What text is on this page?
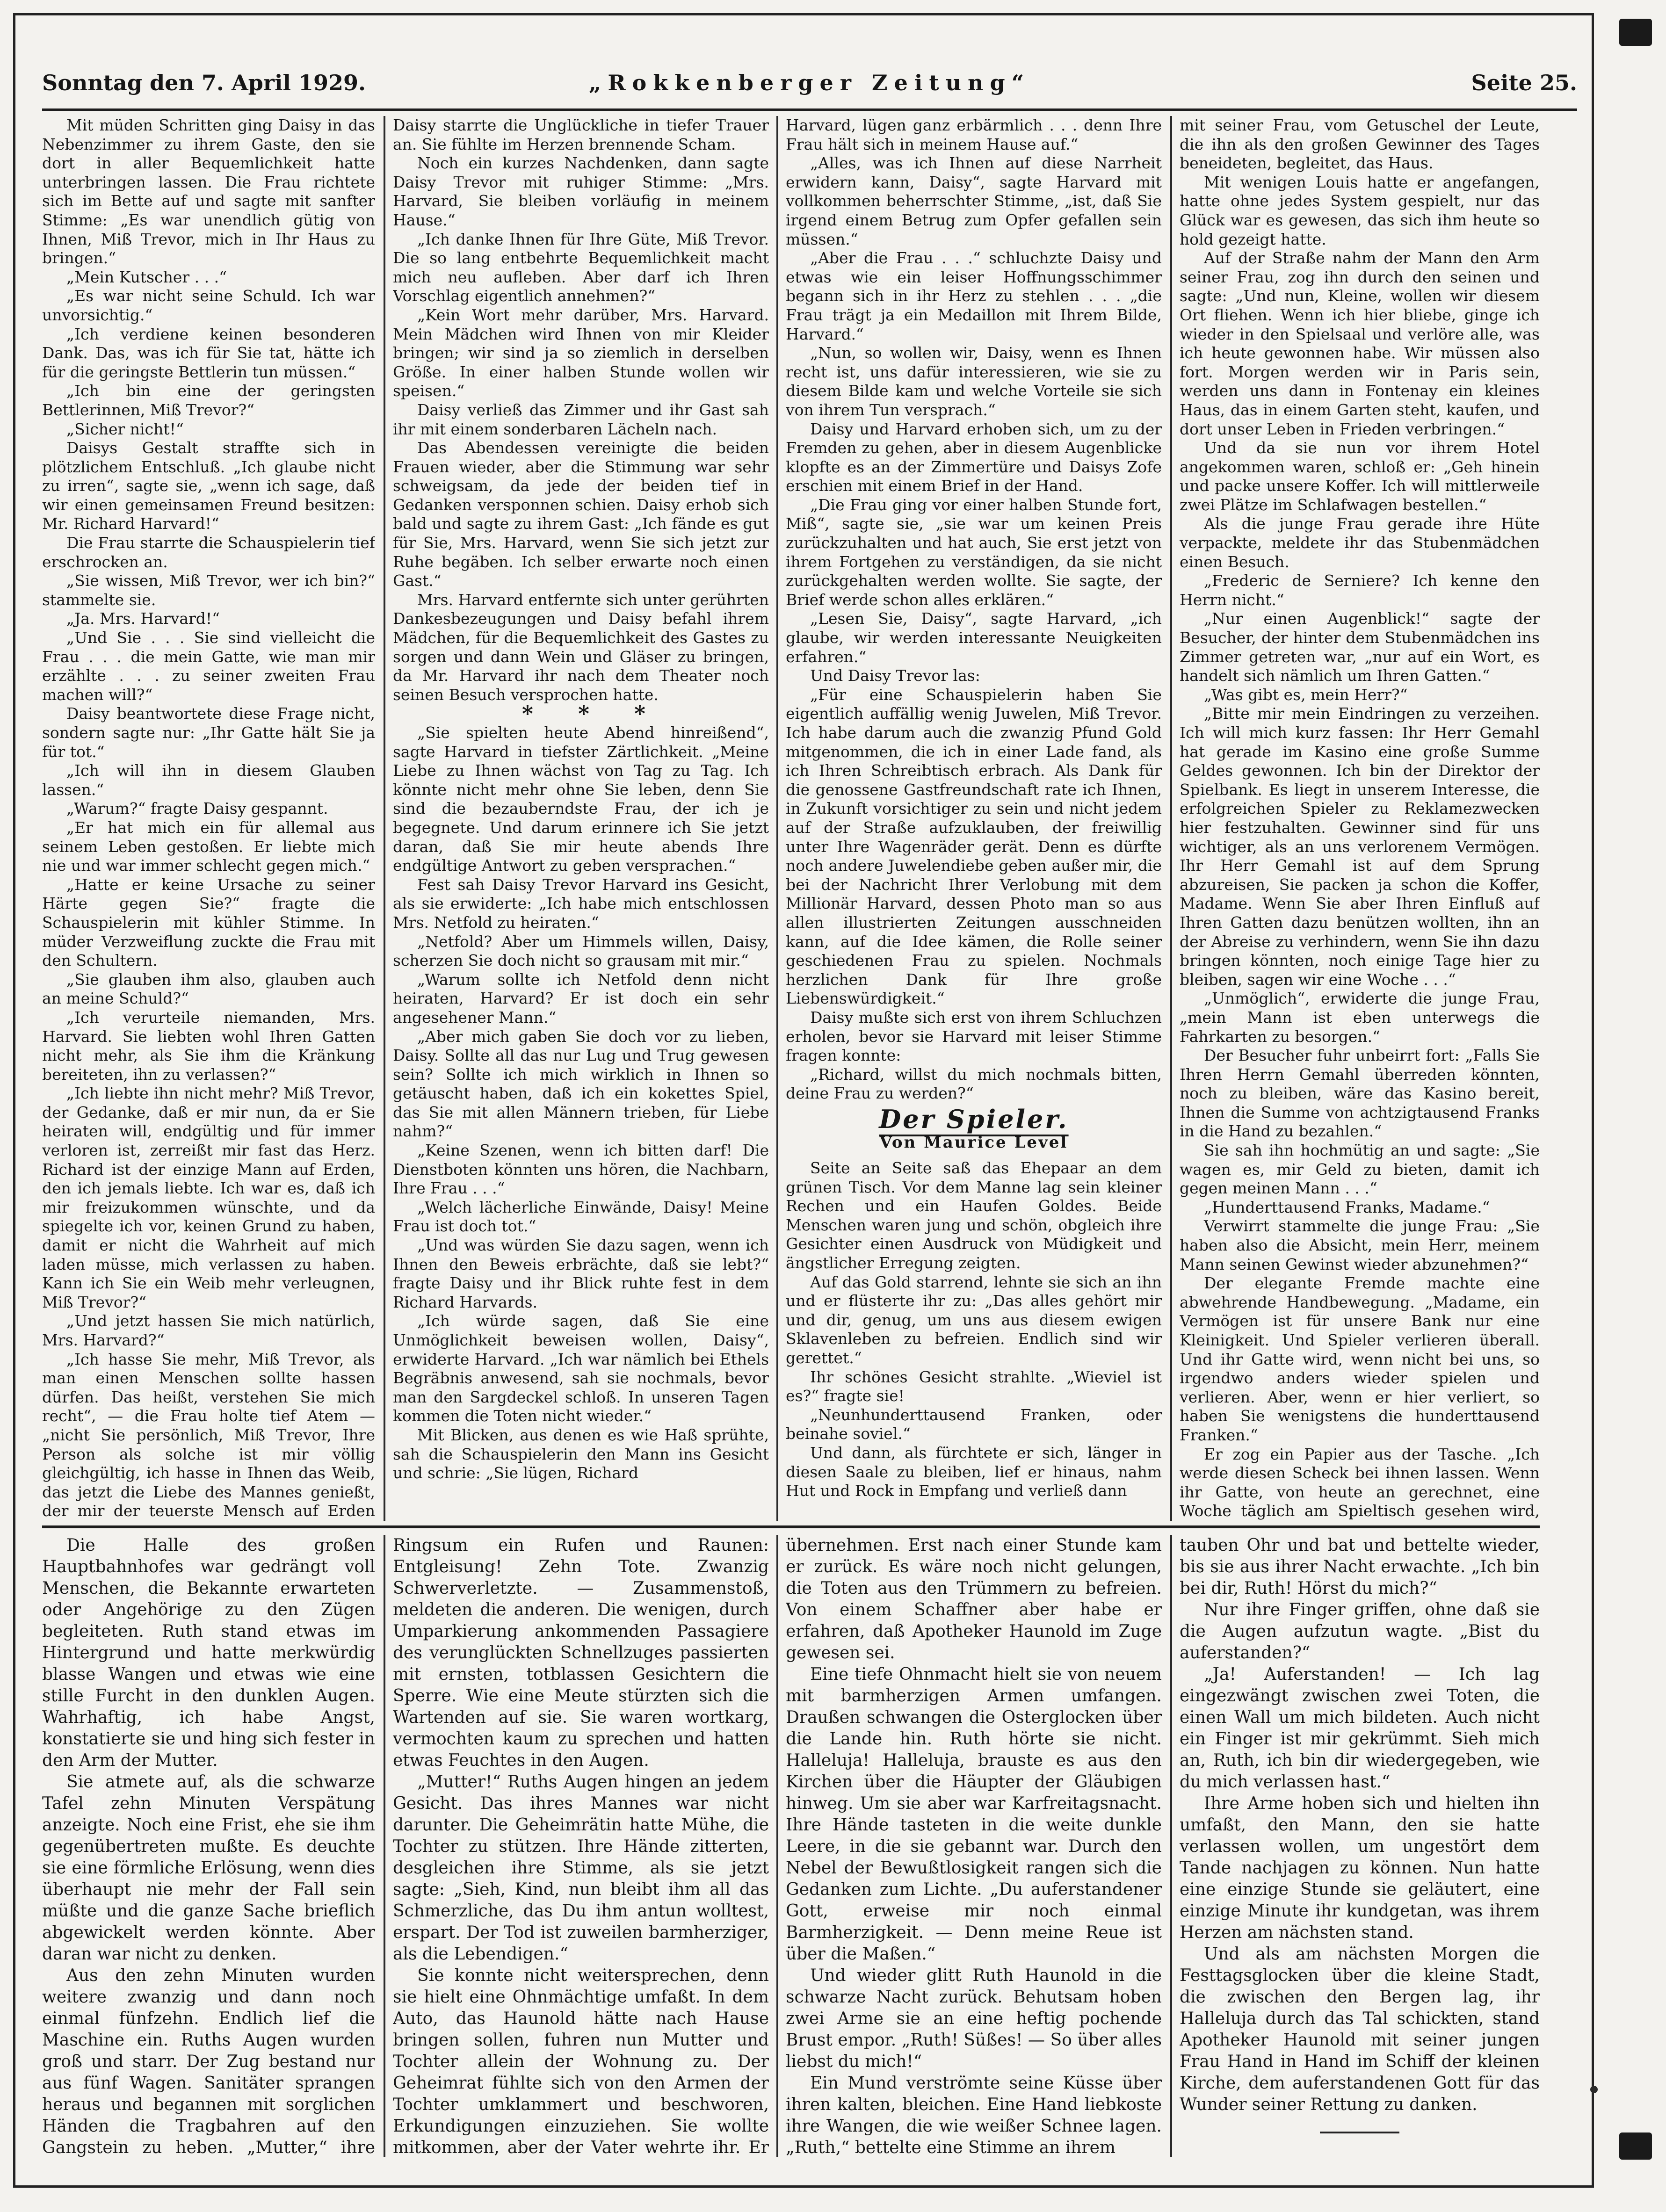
Sonntag den 7. April 1929.	„Rokkenberger Zeitung“	Seite 25.

Mit müden Schritten ging Daisy in das Nebenzimmer zu ihrem Gaste, den sie dort in aller Bequemlichkeit hatte unterbringen lassen. Die Frau richtete sich im Bette auf und sagte mit sanfter Stimme: „Es war unendlich gütig von Ihnen, Miß Trevor, mich in Ihr Haus zu bringen.“

„Mein Kutscher . . .“

„Es war nicht seine Schuld. Ich war unvorsichtig.“

„Ich verdiene keinen besonderen Dank. Das, was ich für Sie tat, hätte ich für die geringste Bettlerin tun müssen.“

„Ich bin eine der geringsten Bettlerinnen, Miß Trevor?“

„Sicher nicht!“

Daisys Gestalt straffte sich in plötzlichem Entschluß. „Ich glaube nicht zu irren“, sagte sie, „wenn ich sage, daß wir einen gemeinsamen Freund besitzen: Mr. Richard Harvard!“

Die Frau starrte die Schauspielerin tief erschrocken an.

„Sie wissen, Miß Trevor, wer ich bin?“ stammelte sie.

„Ja. Mrs. Harvard!“

„Und Sie . . . Sie sind vielleicht die Frau . . . die mein Gatte, wie man mir erzählte . . . zu seiner zweiten Frau machen will?“

Daisy beantwortete diese Frage nicht, sondern sagte nur: „Ihr Gatte hält Sie ja für tot.“

„Ich will ihn in diesem Glauben lassen.“

„Warum?“ fragte Daisy gespannt.

„Er hat mich ein für allemal aus seinem Leben gestoßen. Er liebte mich nie und war immer schlecht gegen mich.“

„Hatte er keine Ursache zu seiner Härte gegen Sie?“ fragte die Schauspielerin mit kühler Stimme. In müder Verzweiflung zuckte die Frau mit den Schultern.

„Sie glauben ihm also, glauben auch an meine Schuld?“

„Ich verurteile niemanden, Mrs. Harvard. Sie liebten wohl Ihren Gatten nicht mehr, als Sie ihm die Kränkung bereiteten, ihn zu verlassen?“

„Ich liebte ihn nicht mehr? Miß Trevor, der Gedanke, daß er mir nun, da er Sie heiraten will, endgültig und für immer verloren ist, zerreißt mir fast das Herz. Richard ist der einzige Mann auf Erden, den ich jemals liebte. Ich war es, daß ich mir freizukommen wünschte, und da spiegelte ich vor, keinen Grund zu haben, damit er nicht die Wahrheit auf mich laden müsse, mich verlassen zu haben. Kann ich Sie ein Weib mehr verleugnen, Miß Trevor?“

„Und jetzt hassen Sie mich natürlich, Mrs. Harvard?“

„Ich hasse Sie mehr, Miß Trevor, als man einen Menschen sollte hassen dürfen. Das heißt, verstehen Sie mich recht“, — die Frau holte tief Atem — „nicht Sie persönlich, Miß Trevor, Ihre Person als solche ist mir völlig gleichgültig, ich hasse in Ihnen das Weib, das jetzt die Liebe des Mannes genießt, der mir der teuerste Mensch auf Erden

Daisy starrte die Unglückliche in tiefer Trauer an. Sie fühlte im Herzen brennende Scham.

Noch ein kurzes Nachdenken, dann sagte Daisy Trevor mit ruhiger Stimme: „Mrs. Harvard, Sie bleiben vorläufig in meinem Hause.“

„Ich danke Ihnen für Ihre Güte, Miß Trevor. Die so lang entbehrte Bequemlichkeit macht mich neu aufleben. Aber darf ich Ihren Vorschlag eigentlich annehmen?“

„Kein Wort mehr darüber, Mrs. Harvard. Mein Mädchen wird Ihnen von mir Kleider bringen; wir sind ja so ziemlich in derselben Größe. In einer halben Stunde wollen wir speisen.“

Daisy verließ das Zimmer und ihr Gast sah ihr mit einem sonderbaren Lächeln nach.

Das Abendessen vereinigte die beiden Frauen wieder, aber die Stimmung war sehr schweigsam, da jede der beiden tief in Gedanken versponnen schien. Daisy erhob sich bald und sagte zu ihrem Gast: „Ich fände es gut für Sie, Mrs. Harvard, wenn Sie sich jetzt zur Ruhe begäben. Ich selber erwarte noch einen Gast.“

Mrs. Harvard entfernte sich unter gerührten Dankesbezeugungen und Daisy befahl ihrem Mädchen, für die Bequemlichkeit des Gastes zu sorgen und dann Wein und Gläser zu bringen, da Mr. Harvard ihr nach dem Theater noch seinen Besuch versprochen hatte.

* * *

„Sie spielten heute Abend hinreißend“, sagte Harvard in tiefster Zärtlichkeit. „Meine Liebe zu Ihnen wächst von Tag zu Tag. Ich könnte nicht mehr ohne Sie leben, denn Sie sind die bezauberndste Frau, der ich je begegnete. Und darum erinnere ich Sie jetzt daran, daß Sie mir heute abends Ihre endgültige Antwort zu geben versprachen.“

Fest sah Daisy Trevor Harvard ins Gesicht, als sie erwiderte: „Ich habe mich entschlossen Mrs. Netfold zu heiraten.“

„Netfold? Aber um Himmels willen, Daisy, scherzen Sie doch nicht so grausam mit mir.“

„Warum sollte ich Netfold denn nicht heiraten, Harvard? Er ist doch ein sehr angesehener Mann.“

„Aber mich gaben Sie doch vor zu lieben, Daisy. Sollte all das nur Lug und Trug gewesen sein? Sollte ich mich wirklich in Ihnen so getäuscht haben, daß ich ein kokettes Spiel, das Sie mit allen Männern trieben, für Liebe nahm?“

„Keine Szenen, wenn ich bitten darf! Die Dienstboten könnten uns hören, die Nachbarn, Ihre Frau . . .“

„Welch lächerliche Einwände, Daisy! Meine Frau ist doch tot.“

„Und was würden Sie dazu sagen, wenn ich Ihnen den Beweis erbrächte, daß sie lebt?“ fragte Daisy und ihr Blick ruhte fest in dem Richard Harvards.

„Ich würde sagen, daß Sie eine Unmöglichkeit beweisen wollen, Daisy“, erwiderte Harvard. „Ich war nämlich bei Ethels Begräbnis anwesend, sah sie nochmals, bevor man den Sargdeckel schloß. In unseren Tagen kommen die Toten nicht wieder.“

Mit Blicken, aus denen es wie Haß sprühte, sah die Schauspielerin den Mann ins Gesicht und schrie: „Sie lügen, Richard

Harvard, lügen ganz erbärmlich . . . denn Ihre Frau hält sich in meinem Hause auf.“

„Alles, was ich Ihnen auf diese Narrheit erwidern kann, Daisy“, sagte Harvard mit vollkommen beherrschter Stimme, „ist, daß Sie irgend einem Betrug zum Opfer gefallen sein müssen.“

„Aber die Frau . . .“ schluchzte Daisy und etwas wie ein leiser Hoffnungsschimmer begann sich in ihr Herz zu stehlen . . . „die Frau trägt ja ein Medaillon mit Ihrem Bilde, Harvard.“

„Nun, so wollen wir, Daisy, wenn es Ihnen recht ist, uns dafür interessieren, wie sie zu diesem Bilde kam und welche Vorteile sie sich von ihrem Tun versprach.“

Daisy und Harvard erhoben sich, um zu der Fremden zu gehen, aber in diesem Augenblicke klopfte es an der Zimmertüre und Daisys Zofe erschien mit einem Brief in der Hand.

„Die Frau ging vor einer halben Stunde fort, Miß“, sagte sie, „sie war um keinen Preis zurückzuhalten und hat auch, Sie erst jetzt von ihrem Fortgehen zu verständigen, da sie nicht zurückgehalten werden wollte. Sie sagte, der Brief werde schon alles erklären.“

„Lesen Sie, Daisy“, sagte Harvard, „ich glaube, wir werden interessante Neuigkeiten erfahren.“

Und Daisy Trevor las:

„Für eine Schauspielerin haben Sie eigentlich auffällig wenig Juwelen, Miß Trevor. Ich habe darum auch die zwanzig Pfund Gold mitgenommen, die ich in einer Lade fand, als ich Ihren Schreibtisch erbrach. Als Dank für die genossene Gastfreundschaft rate ich Ihnen, in Zukunft vorsichtiger zu sein und nicht jedem auf der Straße aufzuklauben, der freiwillig unter Ihre Wagenräder gerät. Denn es dürfte noch andere Juwelendiebe geben außer mir, die bei der Nachricht Ihrer Verlobung mit dem Millionär Harvard, dessen Photo man so aus allen illustrierten Zeitungen ausschneiden kann, auf die Idee kämen, die Rolle seiner geschiedenen Frau zu spielen. Nochmals herzlichen Dank für Ihre große Liebenswürdigkeit.“

Daisy mußte sich erst von ihrem Schluchzen erholen, bevor sie Harvard mit leiser Stimme fragen konnte:

„Richard, willst du mich nochmals bitten, deine Frau zu werden?“

Der Spieler.
Von Maurice Level

Seite an Seite saß das Ehepaar an dem grünen Tisch. Vor dem Manne lag sein kleiner Rechen und ein Haufen Goldes. Beide Menschen waren jung und schön, obgleich ihre Gesichter einen Ausdruck von Müdigkeit und ängstlicher Erregung zeigten.

Auf das Gold starrend, lehnte sie sich an ihn und er flüsterte ihr zu: „Das alles gehört mir und dir, genug, um uns aus diesem ewigen Sklavenleben zu befreien. Endlich sind wir gerettet.“

Ihr schönes Gesicht strahlte. „Wieviel ist es?“ fragte sie!

„Neunhunderttausend Franken, oder beinahe soviel.“

Und dann, als fürchtete er sich, länger in diesen Saale zu bleiben, lief er hinaus, nahm Hut und Rock in Empfang und verließ dann

mit seiner Frau, vom Getuschel der Leute, die ihn als den großen Gewinner des Tages beneideten, begleitet, das Haus.

Mit wenigen Louis hatte er angefangen, hatte ohne jedes System gespielt, nur das Glück war es gewesen, das sich ihm heute so hold gezeigt hatte.

Auf der Straße nahm der Mann den Arm seiner Frau, zog ihn durch den seinen und sagte: „Und nun, Kleine, wollen wir diesem Ort fliehen. Wenn ich hier bliebe, ginge ich wieder in den Spielsaal und verlöre alle, was ich heute gewonnen habe. Wir müssen also fort. Morgen werden wir in Paris sein, werden uns dann in Fontenay ein kleines Haus, das in einem Garten steht, kaufen, und dort unser Leben in Frieden verbringen.“

Und da sie nun vor ihrem Hotel angekommen waren, schloß er: „Geh hinein und packe unsere Koffer. Ich will mittlerweile zwei Plätze im Schlafwagen bestellen.“

Als die junge Frau gerade ihre Hüte verpackte, meldete ihr das Stubenmädchen einen Besuch.

„Frederic de Serniere? Ich kenne den Herrn nicht.“

„Nur einen Augenblick!“ sagte der Besucher, der hinter dem Stubenmädchen ins Zimmer getreten war, „nur auf ein Wort, es handelt sich nämlich um Ihren Gatten.“

„Was gibt es, mein Herr?“

„Bitte mir mein Eindringen zu verzeihen. Ich will mich kurz fassen: Ihr Herr Gemahl hat gerade im Kasino eine große Summe Geldes gewonnen. Ich bin der Direktor der Spielbank. Es liegt in unserem Interesse, die erfolgreichen Spieler zu Reklamezwecken hier festzuhalten. Gewinner sind für uns wichtiger, als an uns verlorenem Vermögen. Ihr Herr Gemahl ist auf dem Sprung abzureisen, Sie packen ja schon die Koffer, Madame. Wenn Sie aber Ihren Einfluß auf Ihren Gatten dazu benützen wollten, ihn an der Abreise zu verhindern, wenn Sie ihn dazu bringen könnten, noch einige Tage hier zu bleiben, sagen wir eine Woche . . .“

„Unmöglich“, erwiderte die junge Frau, „mein Mann ist eben unterwegs die Fahrkarten zu besorgen.“

Der Besucher fuhr unbeirrt fort: „Falls Sie Ihren Herrn Gemahl überreden könnten, noch zu bleiben, wäre das Kasino bereit, Ihnen die Summe von achtzigtausend Franks in die Hand zu bezahlen.“

Sie sah ihn hochmütig an und sagte: „Sie wagen es, mir Geld zu bieten, damit ich gegen meinen Mann . . .“

„Hunderttausend Franks, Madame.“

Verwirrt stammelte die junge Frau: „Sie haben also die Absicht, mein Herr, meinem Mann seinen Gewinst wieder abzunehmen?“

Der elegante Fremde machte eine abwehrende Handbewegung. „Madame, ein Vermögen ist für unsere Bank nur eine Kleinigkeit. Und Spieler verlieren überall. Und ihr Gatte wird, wenn nicht bei uns, so irgendwo anders wieder spielen und verlieren. Aber, wenn er hier verliert, so haben Sie wenigstens die hunderttausend Franken.“

Er zog ein Papier aus der Tasche. „Ich werde diesen Scheck bei ihnen lassen. Wenn ihr Gatte, von heute an gerechnet, eine Woche täglich am Spieltisch gesehen wird,

Die Halle des großen Hauptbahnhofes war gedrängt voll Menschen, die Bekannte erwarteten oder Angehörige zu den Zügen begleiteten. Ruth stand etwas im Hintergrund und hatte merkwürdig blasse Wangen und etwas wie eine stille Furcht in den dunklen Augen. Wahrhaftig, ich habe Angst, konstatierte sie und hing sich fester in den Arm der Mutter.

Sie atmete auf, als die schwarze Tafel zehn Minuten Verspätung anzeigte. Noch eine Frist, ehe sie ihm gegenübertreten mußte. Es deuchte sie eine förmliche Erlösung, wenn dies überhaupt nie mehr der Fall sein müßte und die ganze Sache brieflich abgewickelt werden könnte. Aber daran war nicht zu denken.

Aus den zehn Minuten wurden weitere zwanzig und dann noch einmal fünfzehn. Endlich lief die Maschine ein. Ruths Augen wurden groß und starr. Der Zug bestand nur aus fünf Wagen. Sanitäter sprangen heraus und begannen mit sorglichen Händen die Tragbahren auf den Gangstein zu heben. „Mutter,“ ihre

Ringsum ein Rufen und Raunen: Entgleisung! Zehn Tote. Zwanzig Schwerverletzte. — Zusammenstoß, meldeten die anderen. Die wenigen, durch Umparkierung ankommenden Passagiere des verunglückten Schnellzuges passierten mit ernsten, totblassen Gesichtern die Sperre. Wie eine Meute stürzten sich die Wartenden auf sie. Sie waren wortkarg, vermochten kaum zu sprechen und hatten etwas Feuchtes in den Augen.

„Mutter!“ Ruths Augen hingen an jedem Gesicht. Das ihres Mannes war nicht darunter. Die Geheimrätin hatte Mühe, die Tochter zu stützen. Ihre Hände zitterten, desgleichen ihre Stimme, als sie jetzt sagte: „Sieh, Kind, nun bleibt ihm all das Schmerzliche, das Du ihm antun wolltest, erspart. Der Tod ist zuweilen barmherziger, als die Lebendigen.“

Sie konnte nicht weitersprechen, denn sie hielt eine Ohnmächtige umfaßt. In dem Auto, das Haunold hätte nach Hause bringen sollen, fuhren nun Mutter und Tochter allein der Wohnung zu. Der Geheimrat fühlte sich von den Armen der Tochter umklammert und beschworen, Erkundigungen einzuziehen. Sie wollte mitkommen, aber der Vater wehrte ihr. Er

übernehmen. Erst nach einer Stunde kam er zurück. Es wäre noch nicht gelungen, die Toten aus den Trümmern zu befreien. Von einem Schaffner aber habe er erfahren, daß Apotheker Haunold im Zuge gewesen sei.

Eine tiefe Ohnmacht hielt sie von neuem mit barmherzigen Armen umfangen. Draußen schwangen die Osterglocken über die Lande hin. Ruth hörte sie nicht. Halleluja! Halleluja, brauste es aus den Kirchen über die Häupter der Gläubigen hinweg. Um sie aber war Karfreitagsnacht. Ihre Hände tasteten in die weite dunkle Leere, in die sie gebannt war. Durch den Nebel der Bewußtlosigkeit rangen sich die Gedanken zum Lichte. „Du auferstandener Gott, erweise mir noch einmal Barmherzigkeit. — Denn meine Reue ist über die Maßen.“

Und wieder glitt Ruth Haunold in die schwarze Nacht zurück. Behutsam hoben zwei Arme sie an eine heftig pochende Brust empor. „Ruth! Süßes! — So über alles liebst du mich!“

Ein Mund verströmte seine Küsse über ihren kalten, bleichen. Eine Hand liebkoste ihre Wangen, die wie weißer Schnee lagen. „Ruth,“ bettelte eine Stimme an ihrem

tauben Ohr und bat und bettelte wieder, bis sie aus ihrer Nacht erwachte. „Ich bin bei dir, Ruth! Hörst du mich?“

Nur ihre Finger griffen, ohne daß sie die Augen aufzutun wagte. „Bist du auferstanden?“

„Ja! Auferstanden! — Ich lag eingezwängt zwischen zwei Toten, die einen Wall um mich bildeten. Auch nicht ein Finger ist mir gekrümmt. Sieh mich an, Ruth, ich bin dir wiedergegeben, wie du mich verlassen hast.“

Ihre Arme hoben sich und hielten ihn umfaßt, den Mann, den sie hatte verlassen wollen, um ungestört dem Tande nachjagen zu können. Nun hatte eine einzige Stunde sie geläutert, eine einzige Minute ihr kundgetan, was ihrem Herzen am nächsten stand.

Und als am nächsten Morgen die Festtagsglocken über die kleine Stadt, die zwischen den Bergen lag, ihr Halleluja durch das Tal schickten, stand Apotheker Haunold mit seiner jungen Frau Hand in Hand im Schiff der kleinen Kirche, dem auferstandenen Gott für das Wunder seiner Rettung zu danken.
